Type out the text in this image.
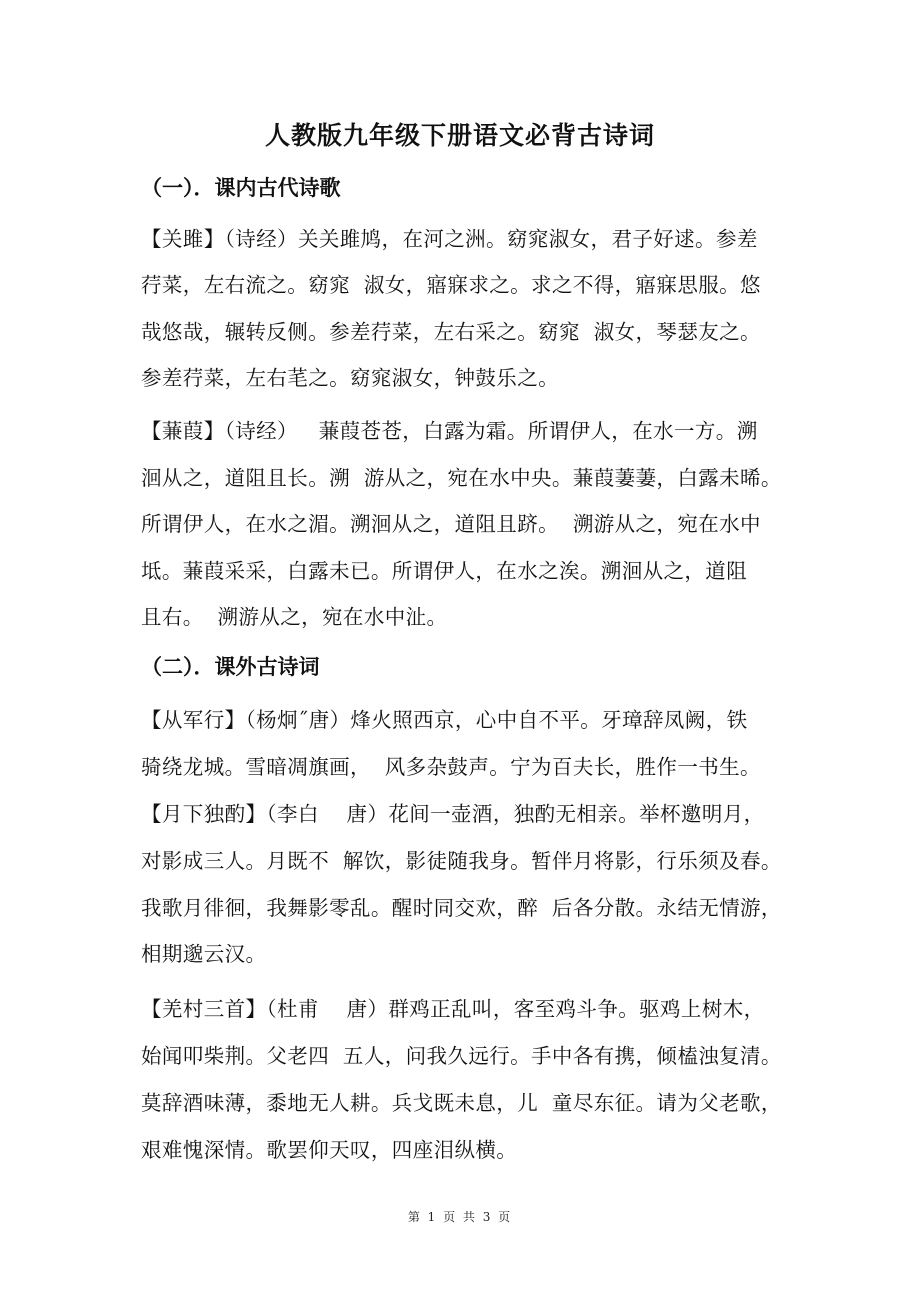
人教版九年级下册语文必背古诗词
（一）．课内古代诗歌
【关雎】（诗经）关关雎鸠，在河之洲。窈窕淑女，君子好逑。参差
荇菜，左右流之。窈窕  淑女，寤寐求之。求之不得，寤寐思服。悠
哉悠哉，辗转反侧。参差荇菜，左右采之。窈窕  淑女，琴瑟友之。
参差荇菜，左右芼之。窈窕淑女，钟鼓乐之。
【蒹葭】（诗经）   蒹葭苍苍，白露为霜。所谓伊人，在水一方。溯
洄从之，道阻且长。溯  游从之，宛在水中央。蒹葭萋萋，白露未晞。
所谓伊人，在水之湄。溯洄从之，道阻且跻。  溯游从之，宛在水中
坻。蒹葭采采，白露未已。所谓伊人，在水之涘。溯洄从之，道阻
且右。  溯游从之，宛在水中沚。
（二）．课外古诗词
【从军行】（杨炯˝唐）烽火照西京，心中自不平。牙璋辞凤阙，铁
骑绕龙城。雪暗凋旗画，  风多杂鼓声。宁为百夫长，胜作一书生。
【月下独酌】（李白    唐）花间一壶酒，独酌无相亲。举杯邀明月，
对影成三人。月既不  解饮，影徒随我身。暂伴月将影，行乐须及春。
我歌月徘徊，我舞影零乱。醒时同交欢，醉  后各分散。永结无情游，
相期邈云汉。
【羌村三首】（杜甫    唐）群鸡正乱叫，客至鸡斗争。驱鸡上树木，
始闻叩柴荆。父老四  五人，问我久远行。手中各有携，倾榼浊复清。
莫辞酒味薄，黍地无人耕。兵戈既未息，儿  童尽东征。请为父老歌，
艰难愧深情。歌罢仰天叹，四座泪纵横。
第 1 页 共 3 页
